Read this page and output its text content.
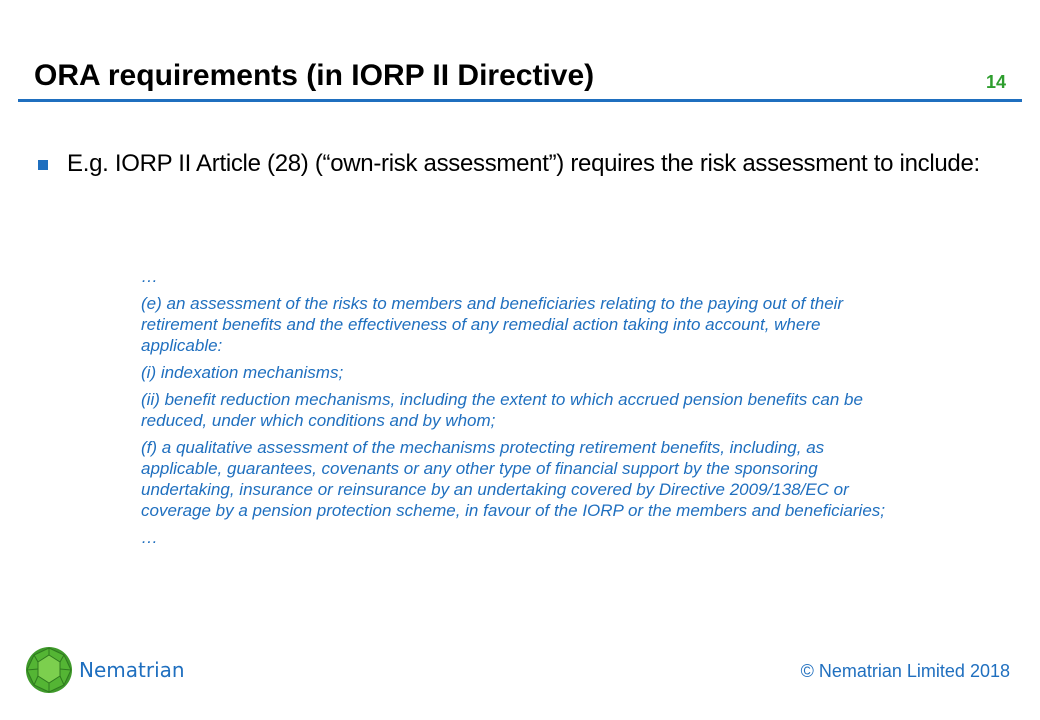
ORA requirements (in IORP II Directive)	14
E.g. IORP II Article (28) (“own-risk assessment”) requires the risk assessment to include:

…

(e) an assessment of the risks to members and beneficiaries relating to the paying out of their retirement benefits and the effectiveness of any remedial action taking into account, where applicable:

(i) indexation mechanisms;

(ii) benefit reduction mechanisms, including the extent to which accrued pension benefits can be reduced, under which conditions and by whom;

(f) a qualitative assessment of the mechanisms protecting retirement benefits, including, as applicable, guarantees, covenants or any other type of financial support by the sponsoring undertaking, insurance or reinsurance by an undertaking covered by Directive 2009/138/EC or coverage by a pension protection scheme, in favour of the IORP or the members and beneficiaries;

…

Nematrian	© Nematrian Limited 2018
